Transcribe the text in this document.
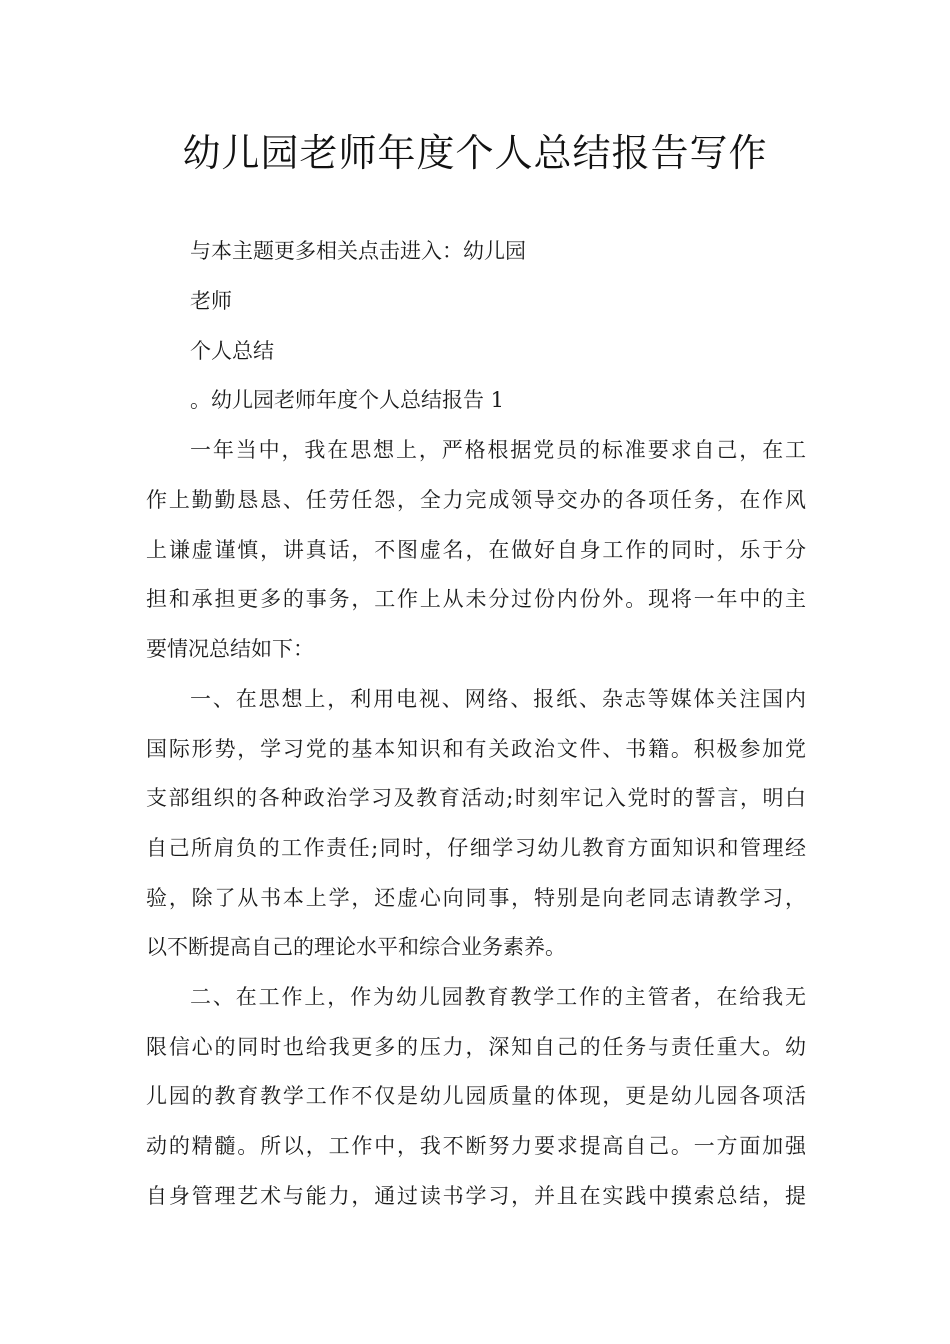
幼儿园老师年度个人总结报告写作
与本主题更多相关点击进入：幼儿园
老师
个人总结
。幼儿园老师年度个人总结报告 1
一年当中，我在思想上，严格根据党员的标准要求自己，在工
作上勤勤恳恳、任劳任怨，全力完成领导交办的各项任务，在作风
上谦虚谨慎，讲真话，不图虚名，在做好自身工作的同时，乐于分
担和承担更多的事务，工作上从未分过份内份外。现将一年中的主
要情况总结如下：
一、在思想上，利用电视、网络、报纸、杂志等媒体关注国内
国际形势，学习党的基本知识和有关政治文件、书籍。积极参加党
支部组织的各种政治学习及教育活动;时刻牢记入党时的誓言，明白
自己所肩负的工作责任;同时，仔细学习幼儿教育方面知识和管理经
验，除了从书本上学，还虚心向同事，特别是向老同志请教学习，
以不断提高自己的理论水平和综合业务素养。
二、在工作上，作为幼儿园教育教学工作的主管者，在给我无
限信心的同时也给我更多的压力，深知自己的任务与责任重大。幼
儿园的教育教学工作不仅是幼儿园质量的体现，更是幼儿园各项活
动的精髓。所以，工作中，我不断努力要求提高自己。一方面加强
自身管理艺术与能力，通过读书学习，并且在实践中摸索总结，提
